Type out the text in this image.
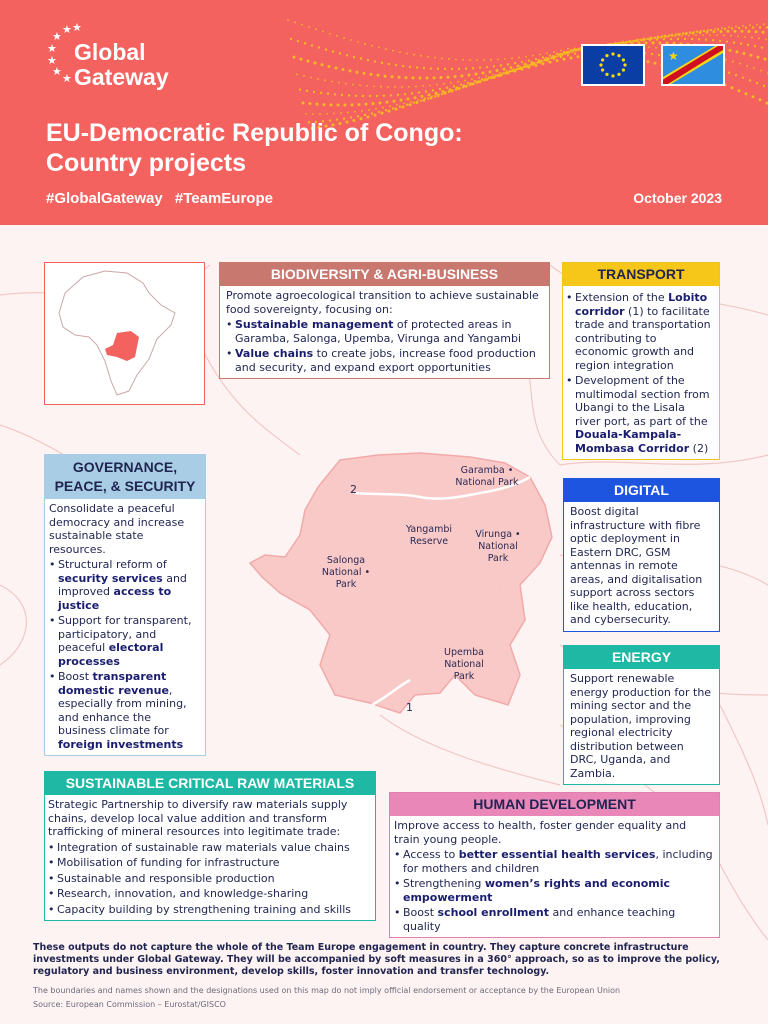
★ ★
★
★
★
★
★
Global
Gateway
★
EU-Democratic Republic of Congo:
Country projects
#GlobalGateway #TeamEurope	October 2023
2
Garamba • National Park
Yangambi Reserve
Virunga • National Park
Salonga National • Park
Upemba National Park
1
BIODIVERSITY & AGRI-BUSINESS
Promote agroecological transition to achieve sustainable food sovereignty, focusing on:
• Sustainable management of protected areas in Garamba, Salonga, Upemba, Virunga and Yangambi
• Value chains to create jobs, increase food production and security, and expand export opportunities
TRANSPORT
• Extension of the Lobito corridor (1) to facilitate trade and transportation contributing to economic growth and region integration
• Development of the multimodal section from Ubangi to the Lisala river port, as part of the Douala-Kampala-Mombasa Corridor (2)
GOVERNANCE,
PEACE, & SECURITY
Consolidate a peaceful democracy and increase sustainable state resources.
• Structural reform of security services and improved access to justice
• Support for transparent, participatory, and peaceful electoral processes
• Boost transparent domestic revenue, especially from mining, and enhance the business climate for foreign investments
DIGITAL
Boost digital infrastructure with fibre optic deployment in Eastern DRC, GSM antennas in remote areas, and digitalisation support across sectors like health, education, and cybersecurity.
ENERGY
Support renewable energy production for the mining sector and the population, improving regional electricity distribution between DRC, Uganda, and Zambia.
SUSTAINABLE CRITICAL RAW MATERIALS
Strategic Partnership to diversify raw materials supply chains, develop local value addition and transform trafficking of mineral resources into legitimate trade:
• Integration of sustainable raw materials value chains
• Mobilisation of funding for infrastructure
• Sustainable and responsible production
• Research, innovation, and knowledge-sharing
• Capacity building by strengthening training and skills
HUMAN DEVELOPMENT
Improve access to health, foster gender equality and train young people.
• Access to better essential health services, including for mothers and children
• Strengthening women’s rights and economic empowerment
• Boost school enrollment and enhance teaching quality
These outputs do not capture the whole of the Team Europe engagement in country. They capture concrete infrastructure investments under Global Gateway. They will be accompanied by soft measures in a 360° approach, so as to improve the policy, regulatory and business environment, develop skills, foster innovation and transfer technology.
The boundaries and names shown and the designations used on this map do not imply official endorsement or acceptance by the European Union
Source: European Commission – Eurostat/GISCO
